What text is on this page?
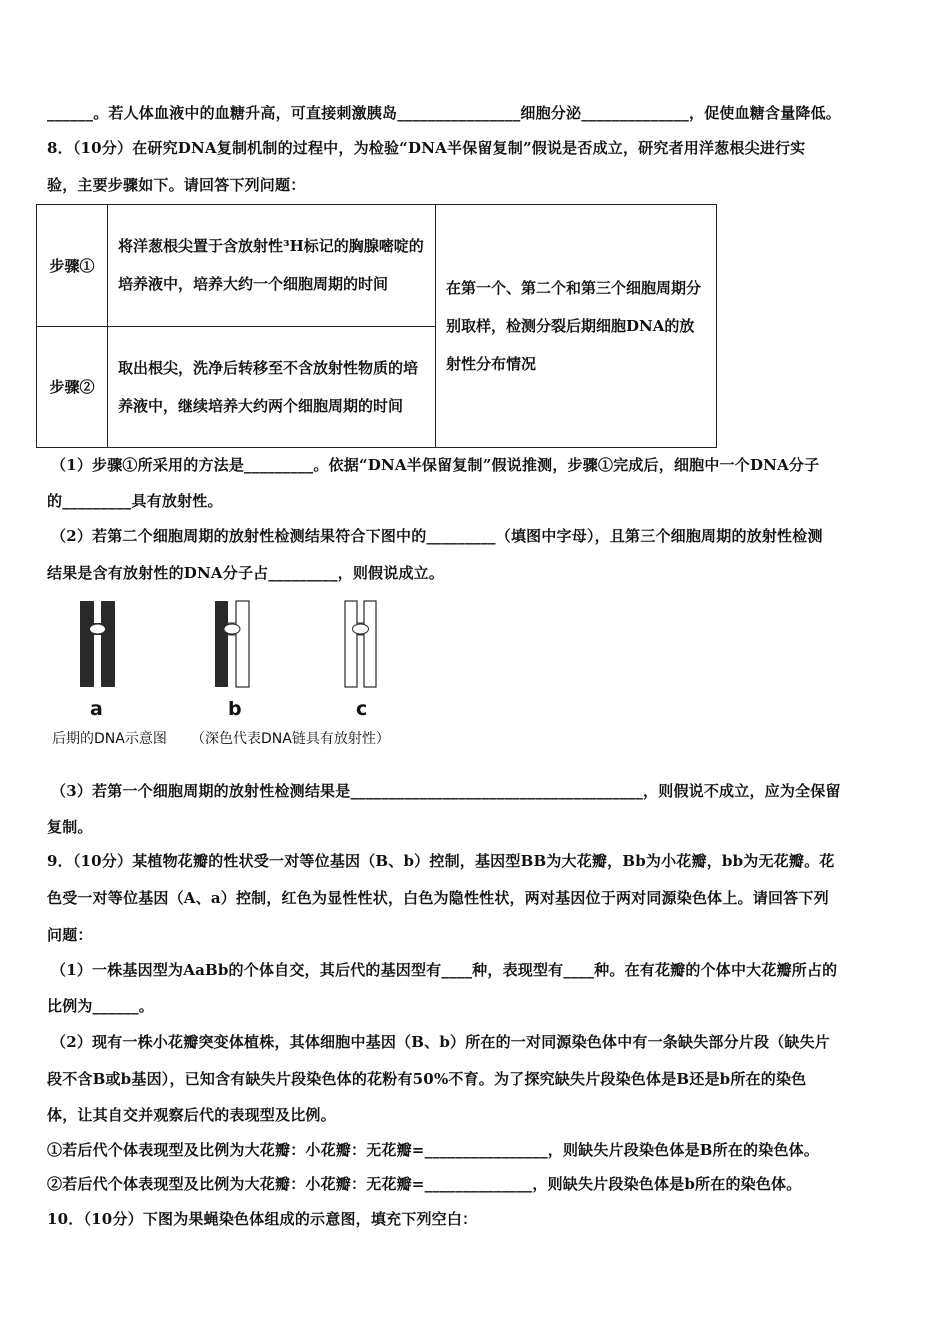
______。若人体血液中的血糖升高，可直接刺激胰岛________________细胞分泌______________，促使血糖含量降低。
8．（10分）在研究DNA复制机制的过程中，为检验“DNA半保留复制”假说是否成立，研究者用洋葱根尖进行实
验，主要步骤如下。请回答下列问题：
步骤①	将洋葱根尖置于含放射性³H标记的胸腺嘧啶的培养液中，培养大约一个细胞周期的时间	在第一个、第二个和第三个细胞周期分别取样，检测分裂后期细胞DNA的放射性分布情况
步骤②	取出根尖，洗净后转移至不含放射性物质的培养液中，继续培养大约两个细胞周期的时间	
（1）步骤①所采用的方法是_________。依据“DNA半保留复制”假说推测，步骤①完成后，细胞中一个DNA分子
的_________具有放射性。
（2）若第二个细胞周期的放射性检测结果符合下图中的_________（填图中字母），且第三个细胞周期的放射性检测
结果是含有放射性的DNA分子占_________，则假说成立。
a	b	c
后期的DNA示意图 （深色代表DNA链具有放射性）
（3）若第一个细胞周期的放射性检测结果是______________________________________，则假说不成立，应为全保留
复制。
9．（10分）某植物花瓣的性状受一对等位基因（B、b）控制，基因型BB为大花瓣，Bb为小花瓣，bb为无花瓣。花
色受一对等位基因（A、a）控制，红色为显性性状，白色为隐性性状，两对基因位于两对同源染色体上。请回答下列
问题：
（1）一株基因型为AaBb的个体自交，其后代的基因型有____种，表现型有____种。在有花瓣的个体中大花瓣所占的
比例为______。
（2）现有一株小花瓣突变体植株，其体细胞中基因（B、b）所在的一对同源染色体中有一条缺失部分片段（缺失片
段不含B或b基因），已知含有缺失片段染色体的花粉有50%不育。为了探究缺失片段染色体是B还是b所在的染色
体，让其自交并观察后代的表现型及比例。
①若后代个体表现型及比例为大花瓣：小花瓣：无花瓣=________________，则缺失片段染色体是B所在的染色体。
②若后代个体表现型及比例为大花瓣：小花瓣：无花瓣=______________，则缺失片段染色体是b所在的染色体。
10．（10分）下图为果蝇染色体组成的示意图，填充下列空白：
